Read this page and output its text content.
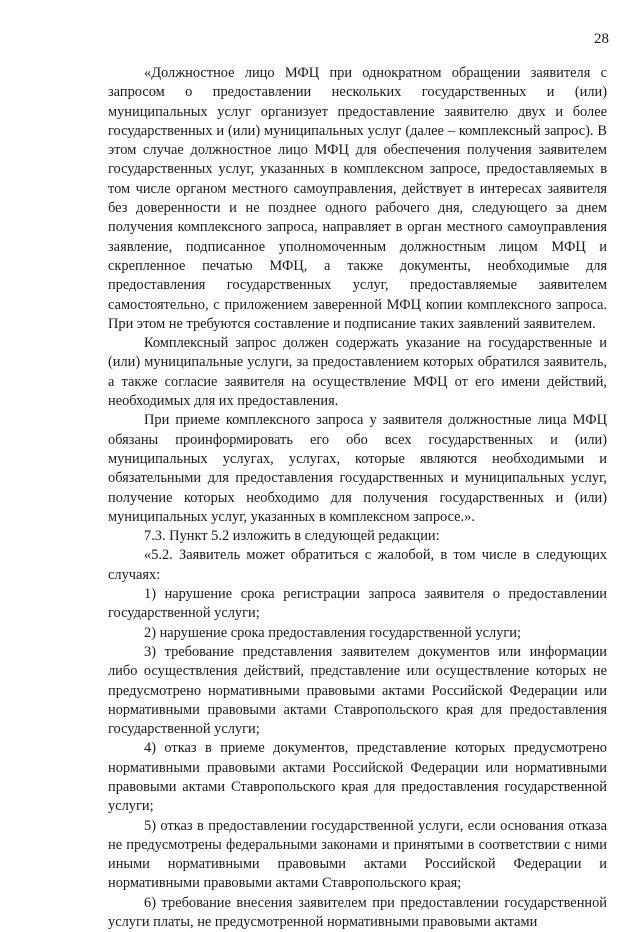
28

«Должностное лицо МФЦ при однократном обращении заявителя с запросом о предоставлении нескольких государственных и (или) муниципальных услуг организует предоставление заявителю двух и более государственных и (или) муниципальных услуг (далее – комплексный запрос). В этом случае должностное лицо МФЦ для обеспечения получения заявителем государственных услуг, указанных в комплексном запросе, предоставляемых в том числе органом местного самоуправления, действует в интересах заявителя без доверенности и не позднее одного рабочего дня, следующего за днем получения комплексного запроса, направляет в орган местного самоуправления заявление, подписанное уполномоченным должностным лицом МФЦ и скрепленное печатью МФЦ, а также документы, необходимые для предоставления государственных услуг, предоставляемые заявителем самостоятельно, с приложением заверенной МФЦ копии комплексного запроса. При этом не требуются составление и подписание таких заявлений заявителем.

Комплексный запрос должен содержать указание на государственные и (или) муниципальные услуги, за предоставлением которых обратился заявитель, а также согласие заявителя на осуществление МФЦ от его имени действий, необходимых для их предоставления.

При приеме комплексного запроса у заявителя должностные лица МФЦ обязаны проинформировать его обо всех государственных и (или) муниципальных услугах, услугах, которые являются необходимыми и обязательными для предоставления государственных и муниципальных услуг, получение которых необходимо для получения государственных и (или) муниципальных услуг, указанных в комплексном запросе.».

7.3. Пункт 5.2 изложить в следующей редакции:

«5.2. Заявитель может обратиться с жалобой, в том числе в следующих случаях:

1) нарушение срока регистрации запроса заявителя о предоставлении государственной услуги;

2) нарушение срока предоставления государственной услуги;

3) требование представления заявителем документов или информации либо осуществления действий, представление или осуществление которых не предусмотрено нормативными правовыми актами Российской Федерации или нормативными правовыми актами Ставропольского края для предоставления государственной услуги;

4) отказ в приеме документов, представление которых предусмотрено нормативными правовыми актами Российской Федерации или нормативными правовыми актами Ставропольского края для предоставления государственной услуги;

5) отказ в предоставлении государственной услуги, если основания отказа не предусмотрены федеральными законами и принятыми в соответствии с ними иными нормативными правовыми актами Российской Федерации и нормативными правовыми актами Ставропольского края;

6) требование внесения заявителем при предоставлении государственной услуги платы, не предусмотренной нормативными правовыми актами
